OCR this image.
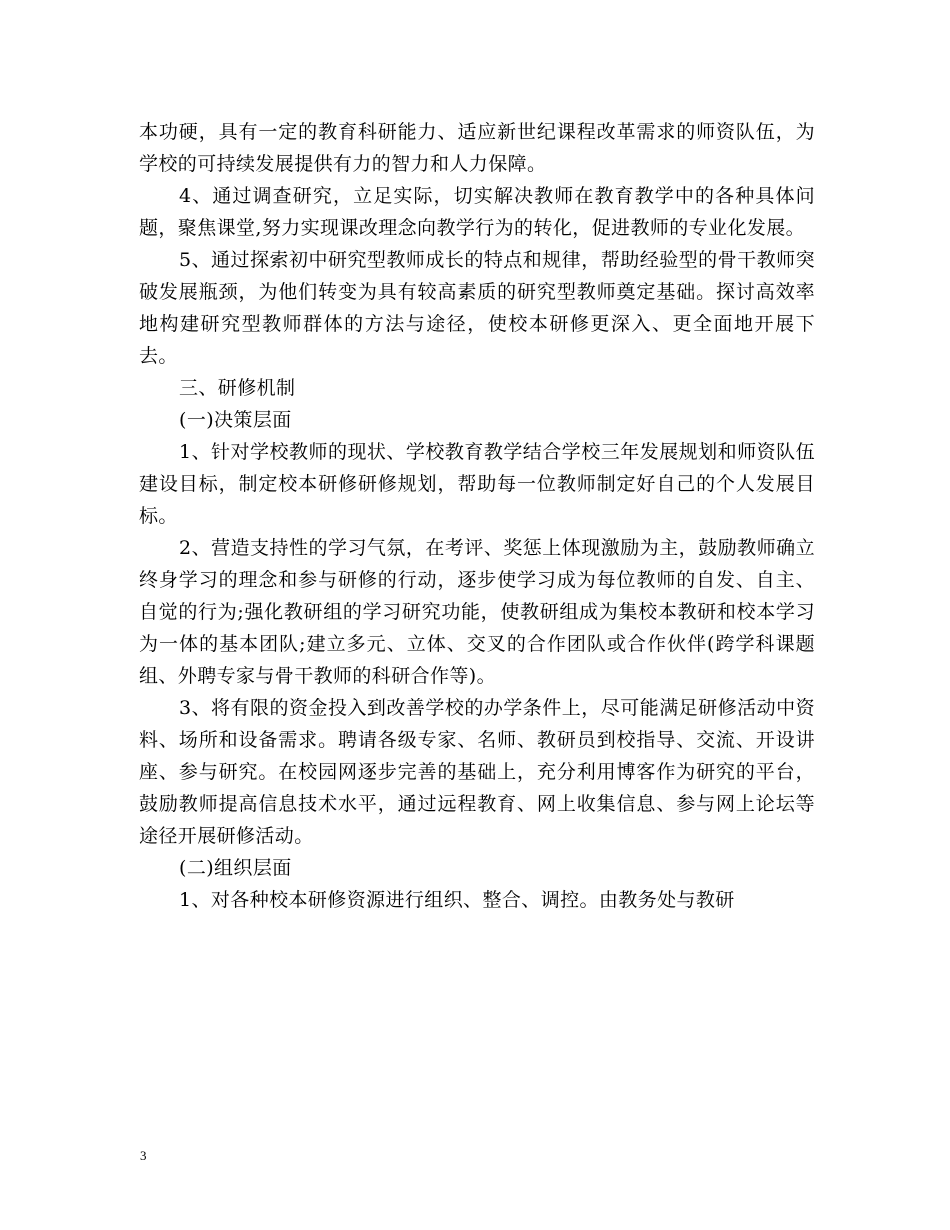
本功硬，具有一定的教育科研能力、适应新世纪课程改革需求的师资队伍，为学校的可持续发展提供有力的智力和人力保障。

4、通过调查研究，立足实际，切实解决教师在教育教学中的各种具体问题，聚焦课堂,努力实现课改理念向教学行为的转化，促进教师的专业化发展。

5、通过探索初中研究型教师成长的特点和规律，帮助经验型的骨干教师突破发展瓶颈，为他们转变为具有较高素质的研究型教师奠定基础。探讨高效率地构建研究型教师群体的方法与途径，使校本研修更深入、更全面地开展下去。

三、研修机制

(一)决策层面

1、针对学校教师的现状、学校教育教学结合学校三年发展规划和师资队伍建设目标，制定校本研修研修规划，帮助每一位教师制定好自己的个人发展目标。

2、营造支持性的学习气氛，在考评、奖惩上体现激励为主，鼓励教师确立终身学习的理念和参与研修的行动，逐步使学习成为每位教师的自发、自主、自觉的行为;强化教研组的学习研究功能，使教研组成为集校本教研和校本学习为一体的基本团队;建立多元、立体、交叉的合作团队或合作伙伴(跨学科课题组、外聘专家与骨干教师的科研合作等)。

3、将有限的资金投入到改善学校的办学条件上，尽可能满足研修活动中资料、场所和设备需求。聘请各级专家、名师、教研员到校指导、交流、开设讲座、参与研究。在校园网逐步完善的基础上，充分利用博客作为研究的平台，鼓励教师提高信息技术水平，通过远程教育、网上收集信息、参与网上论坛等途径开展研修活动。

(二)组织层面

1、对各种校本研修资源进行组织、整合、调控。由教务处与教研

3
